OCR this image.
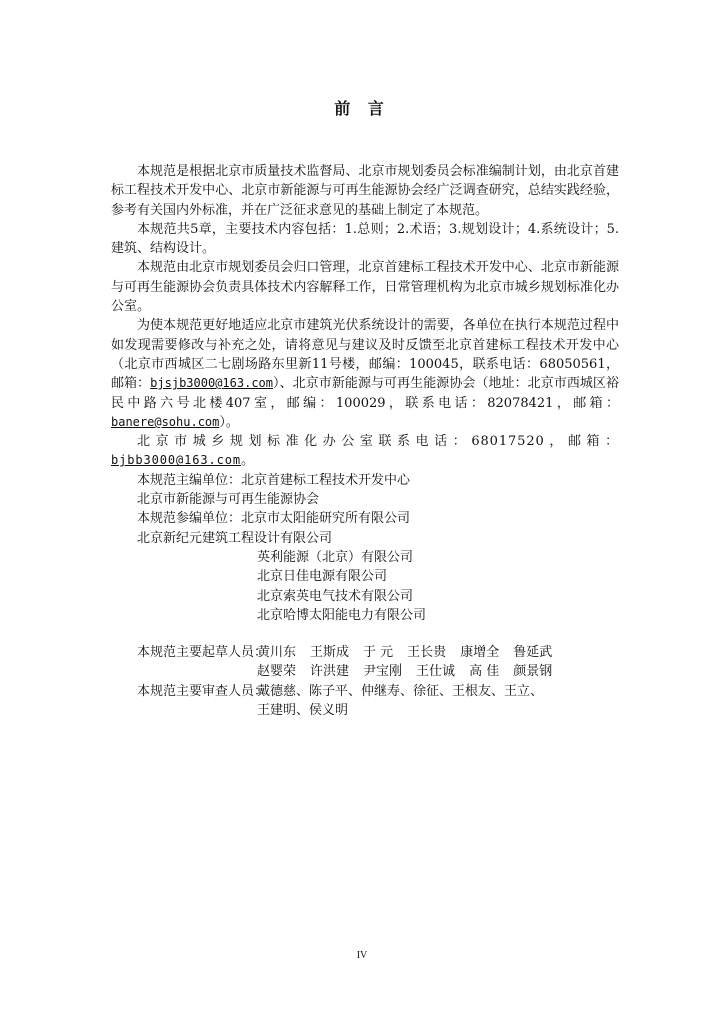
前 言

本规范是根据北京市质量技术监督局、北京市规划委员会标准编制计划，由北京首建标工程技术开发中心、北京市新能源与可再生能源协会经广泛调查研究，总结实践经验，参考有关国内外标准，并在广泛征求意见的基础上制定了本规范。

本规范共5章，主要技术内容包括：1.总则；2.术语；3.规划设计；4.系统设计；5.建筑、结构设计。

本规范由北京市规划委员会归口管理，北京首建标工程技术开发中心、北京市新能源与可再生能源协会负责具体技术内容解释工作，日常管理机构为北京市城乡规划标准化办公室。

为使本规范更好地适应北京市建筑光伏系统设计的需要，各单位在执行本规范过程中如发现需要修改与补充之处，请将意见与建议及时反馈至北京首建标工程技术开发中心（北京市西城区二七剧场路东里新11号楼，邮编：100045，联系电话：68050561，邮箱：bjsjb3000@163.com）、北京市新能源与可再生能源协会（地址：北京市西城区裕民中路六号北楼407室，邮编：100029，联系电话：82078421，邮箱：banere@sohu.com）。

北京市城乡规划标准化办公室联系电话：68017520，邮箱：bjbb3000@163.com。

本规范主编单位：北京首建标工程技术开发中心

北京市新能源与可再生能源协会

本规范参编单位：北京市太阳能研究所有限公司

北京新纪元建筑工程设计有限公司

英利能源（北京）有限公司

北京日佳电源有限公司

北京索英电气技术有限公司

北京哈博太阳能电力有限公司

本规范主要起草人员：
黄川东 王斯成 于 元 王长贵 康增全 鲁延武
赵婴荣 许洪建 尹宝刚 王仕诚 高 佳 颜景钢
本规范主要审查人员：
戴德慈、陈子平、仲继寿、徐征、王根友、王立、
王建明、侯义明
IV
